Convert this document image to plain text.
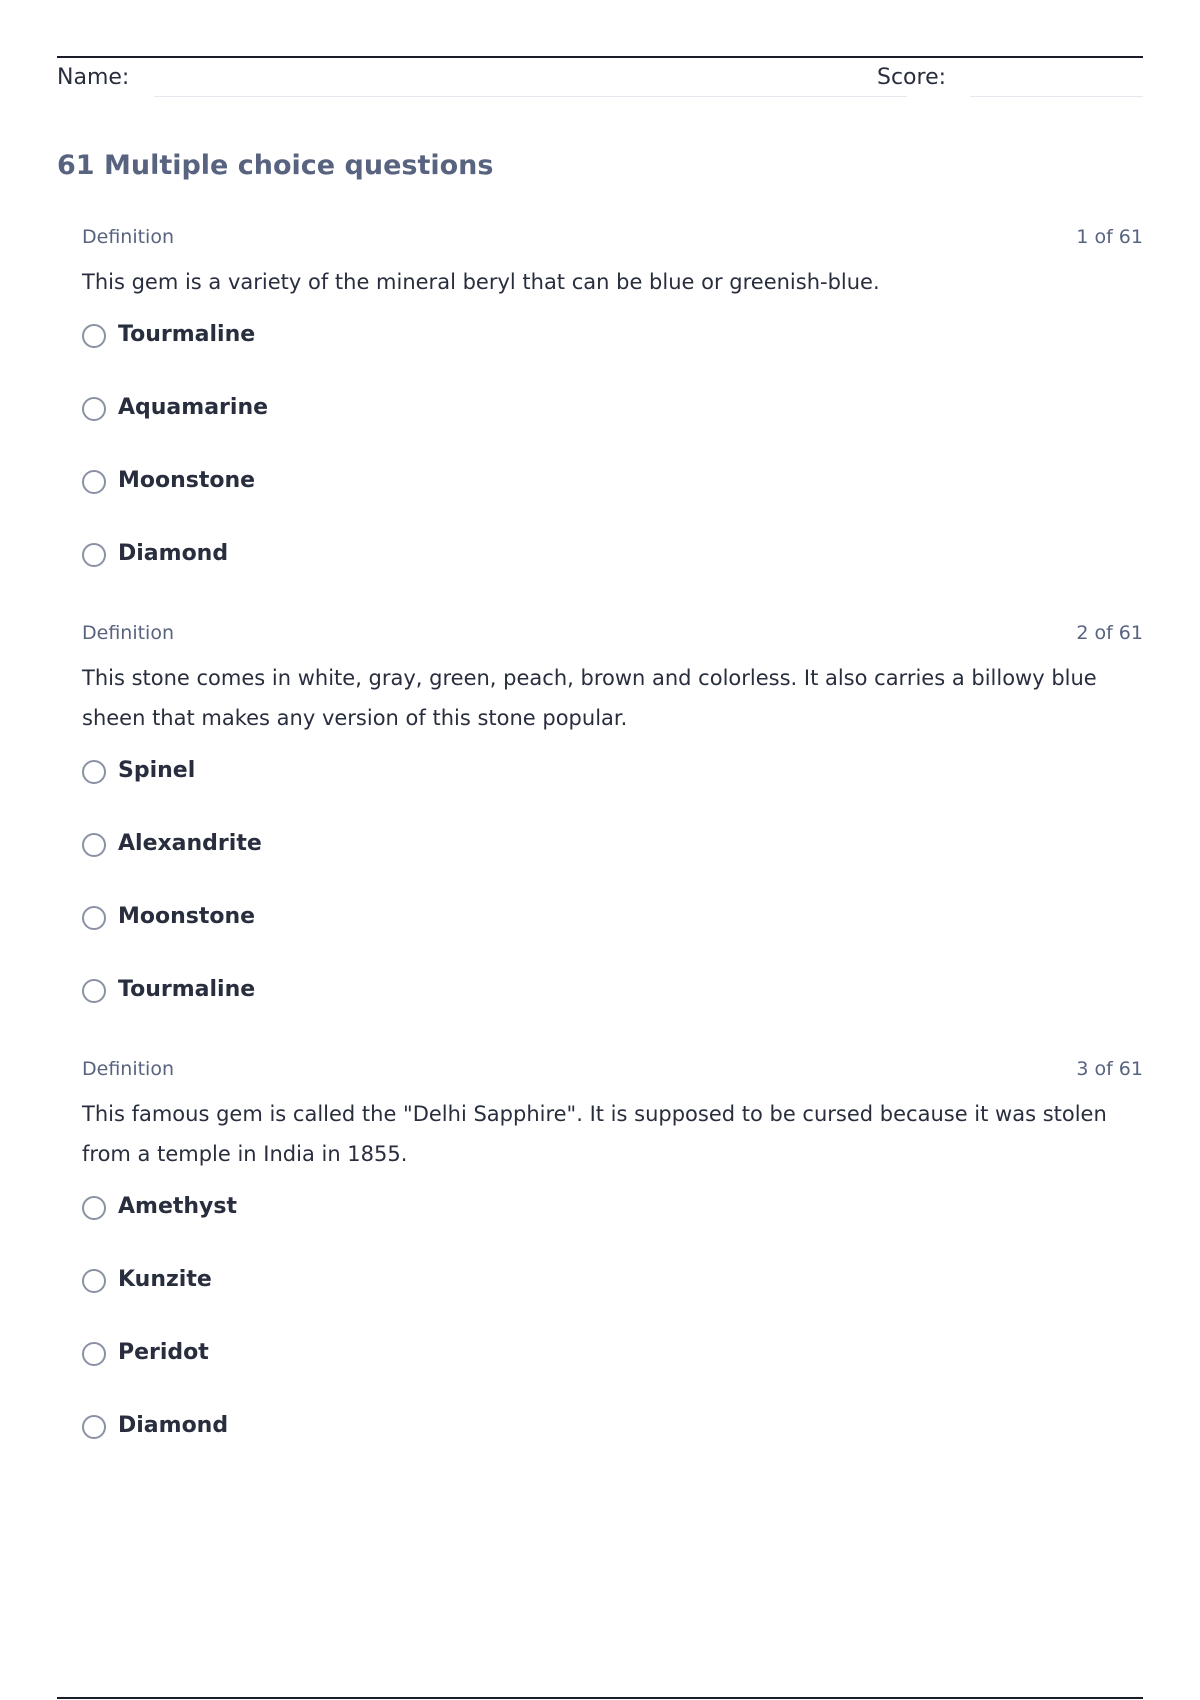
Name:	Score:
61 Multiple choice questions
Definition	1 of 61

This gem is a variety of the mineral beryl that can be blue or greenish-blue.

Tourmaline
Aquamarine
Moonstone
Diamond
Definition	2 of 61

This stone comes in white, gray, green, peach, brown and colorless. It also carries a billowy blue sheen that makes any version of this stone popular.

Spinel
Alexandrite
Moonstone
Tourmaline
Definition	3 of 61

This famous gem is called the "Delhi Sapphire". It is supposed to be cursed because it was stolen from a temple in India in 1855.

Amethyst
Kunzite
Peridot
Diamond
